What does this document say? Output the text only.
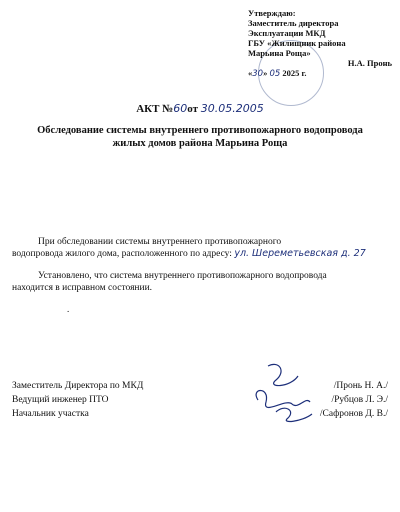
Утверждаю:
Заместитель директора
Эксплуатации МКД
ГБУ «Жилищник района
Марьина Роща»
Н.А. Пронь
«30» 05 2025 г.
АКТ №60от 30.05.2005
Обследование системы внутреннего противопожарного водопровода
жилых домов района Марьина Роща
При обследовании системы внутреннего противопожарного
водопровода жилого дома, расположенного по адресу: ул. Шереметьевская д. 27
Установлено, что система внутреннего противопожарного водопровода
находится в исправном состоянии.
.
Заместитель Директора по МКД	/Пронь Н. А./
Ведущий инженер ПТО	/Рубцов Л. Э./
Начальник участка	/Сафронов Д. В./
